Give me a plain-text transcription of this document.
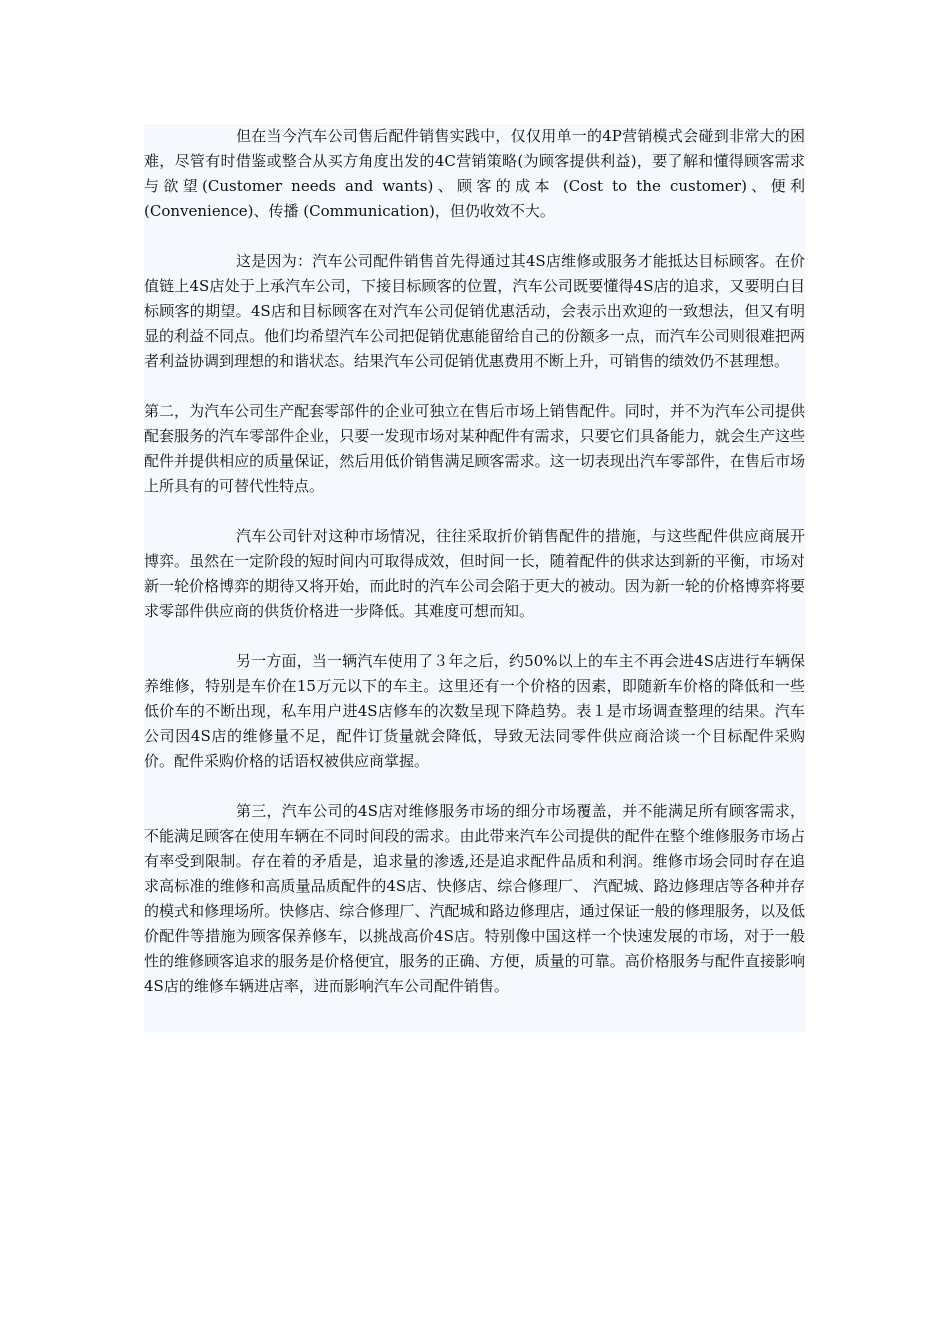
但在当今汽车公司售后配件销售实践中，仅仅用单一的4P营销模式会碰到非常大的困难，尽管有时借鉴或整合从买方角度出发的4C营销策略(为顾客提供利益)，要了解和懂得顾客需求与欲望(Customer needs and wants)、顾客的成本 (Cost to the customer)、便利(Convenience)、传播 (Communication)，但仍收效不大。

这是因为：汽车公司配件销售首先得通过其4S店维修或服务才能抵达目标顾客。在价值链上4S店处于上承汽车公司，下接目标顾客的位置，汽车公司既要懂得4S店的追求，又要明白目标顾客的期望。4S店和目标顾客在对汽车公司促销优惠活动，会表示出欢迎的一致想法，但又有明显的利益不同点。他们均希望汽车公司把促销优惠能留给自己的份额多一点，而汽车公司则很难把两者利益协调到理想的和谐状态。结果汽车公司促销优惠费用不断上升，可销售的绩效仍不甚理想。

第二，为汽车公司生产配套零部件的企业可独立在售后市场上销售配件。同时，并不为汽车公司提供配套服务的汽车零部件企业，只要一发现市场对某种配件有需求，只要它们具备能力，就会生产这些配件并提供相应的质量保证，然后用低价销售满足顾客需求。这一切表现出汽车零部件，在售后市场上所具有的可替代性特点。

汽车公司针对这种市场情况，往往采取折价销售配件的措施，与这些配件供应商展开博弈。虽然在一定阶段的短时间内可取得成效，但时间一长，随着配件的供求达到新的平衡，市场对新一轮价格博弈的期待又将开始，而此时的汽车公司会陷于更大的被动。因为新一轮的价格博弈将要求零部件供应商的供货价格进一步降低。其难度可想而知。

另一方面，当一辆汽车使用了３年之后，约50%以上的车主不再会进4S店进行车辆保养维修，特别是车价在15万元以下的车主。这里还有一个价格的因素，即随新车价格的降低和一些低价车的不断出现，私车用户进4S店修车的次数呈现下降趋势。表１是市场调查整理的结果。汽车公司因4S店的维修量不足，配件订货量就会降低，导致无法同零件供应商洽谈一个目标配件采购价。配件采购价格的话语权被供应商掌握。

第三，汽车公司的4S店对维修服务市场的细分市场覆盖，并不能满足所有顾客需求，不能满足顾客在使用车辆在不同时间段的需求。由此带来汽车公司提供的配件在整个维修服务市场占有率受到限制。存在着的矛盾是，追求量的渗透,还是追求配件品质和利润。维修市场会同时存在追求高标准的维修和高质量品质配件的4S店、快修店、综合修理厂、 汽配城、路边修理店等各种并存的模式和修理场所。快修店、综合修理厂、汽配城和路边修理店，通过保证一般的修理服务，以及低价配件等措施为顾客保养修车，以挑战高价4S店。特别像中国这样一个快速发展的市场，对于一般性的维修顾客追求的服务是价格便宜，服务的正确、方便，质量的可靠。高价格服务与配件直接影响4S店的维修车辆进店率，进而影响汽车公司配件销售。
